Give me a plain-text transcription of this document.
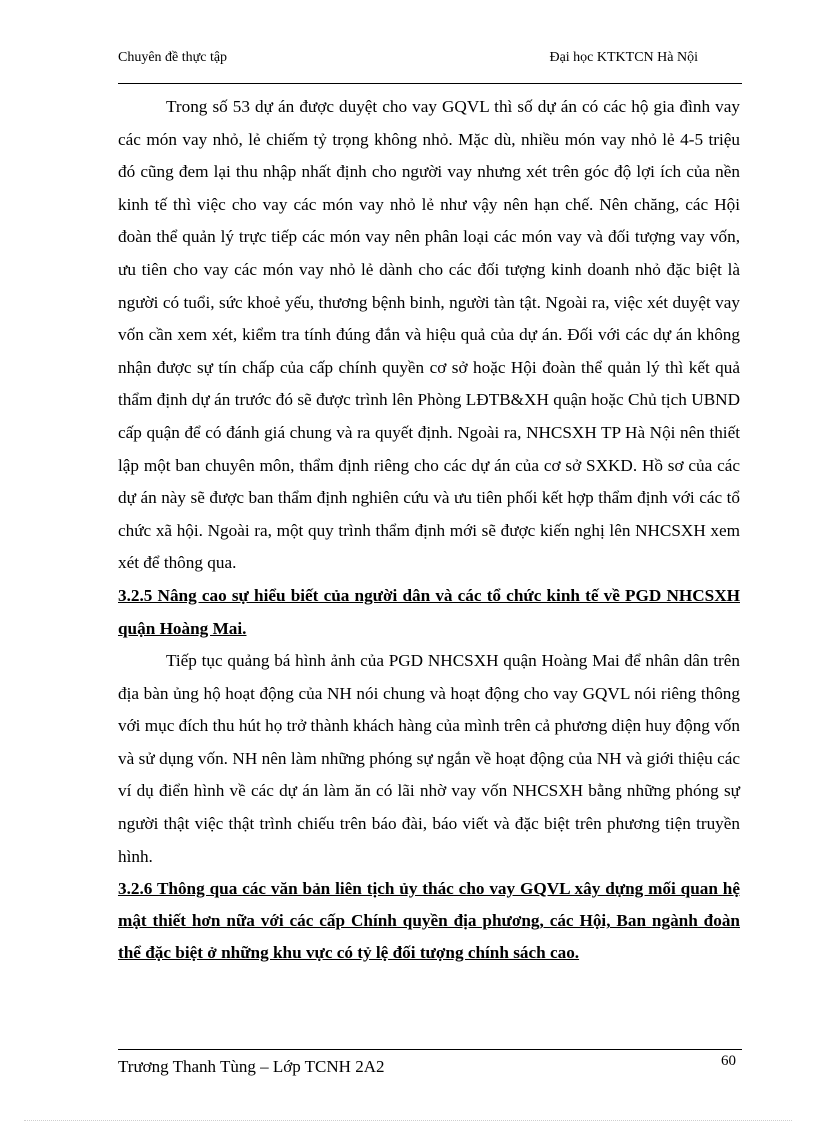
Chuyên đề thực tập	Đại học KTKTCN Hà Nội

Trong số 53 dự án được duyệt cho vay GQVL thì số dự án có các hộ gia đình vay các món vay nhỏ, lẻ chiếm tỷ trọng không nhỏ. Mặc dù, nhiều món vay nhỏ lẻ 4-5 triệu đó cũng đem lại thu nhập nhất định cho người vay nhưng xét trên góc độ lợi ích của nền kinh tế thì việc cho vay các món vay nhỏ lẻ như vậy nên hạn chế. Nên chăng, các Hội đoàn thể quản lý trực tiếp các món vay nên phân loại các món vay và đối tượng vay vốn, ưu tiên cho vay các món vay nhỏ lẻ dành cho các đối tượng kinh doanh nhỏ đặc biệt là người có tuổi, sức khoẻ yếu, thương bệnh binh, người tàn tật. Ngoài ra, việc xét duyệt vay vốn cần xem xét, kiểm tra tính đúng đắn và hiệu quả của dự án. Đối với các dự án không nhận được sự tín chấp của cấp chính quyền cơ sở hoặc Hội đoàn thể quản lý thì kết quả thẩm định dự án trước đó sẽ được trình lên Phòng LĐTB&XH quận hoặc Chủ tịch UBND cấp quận để có đánh giá chung và ra quyết định. Ngoài ra, NHCSXH TP Hà Nội nên thiết lập một ban chuyên môn, thẩm định riêng cho các dự án của cơ sở SXKD. Hồ sơ của các dự án này sẽ được ban thẩm định nghiên cứu và ưu tiên phối kết hợp thẩm định với các tổ chức xã hội. Ngoài ra, một quy trình thẩm định mới sẽ được kiến nghị lên NHCSXH xem xét để thông qua.

3.2.5 Nâng cao sự hiểu biết của người dân và các tổ chức kinh tế về PGD NHCSXH quận Hoàng Mai.

Tiếp tục quảng bá hình ảnh của PGD NHCSXH quận Hoàng Mai để nhân dân trên địa bàn ủng hộ hoạt động của NH nói chung và hoạt động cho vay GQVL nói riêng thông với mục đích thu hút họ trở thành khách hàng của mình trên cả phương diện huy động vốn và sử dụng vốn. NH nên làm những phóng sự ngắn về hoạt động của NH và giới thiệu các ví dụ điển hình về các dự án làm ăn có lãi nhờ vay vốn NHCSXH bằng những phóng sự người thật việc thật trình chiếu trên báo đài, báo viết và đặc biệt trên phương tiện truyền hình.

3.2.6 Thông qua các văn bản liên tịch ủy thác cho vay GQVL xây dựng mối quan hệ mật thiết hơn nữa với các cấp Chính quyền địa phương, các Hội, Ban ngành đoàn thể đặc biệt ở những khu vực có tỷ lệ đối tượng chính sách cao.
Trương Thanh Tùng – Lớp TCNH 2A2	60
